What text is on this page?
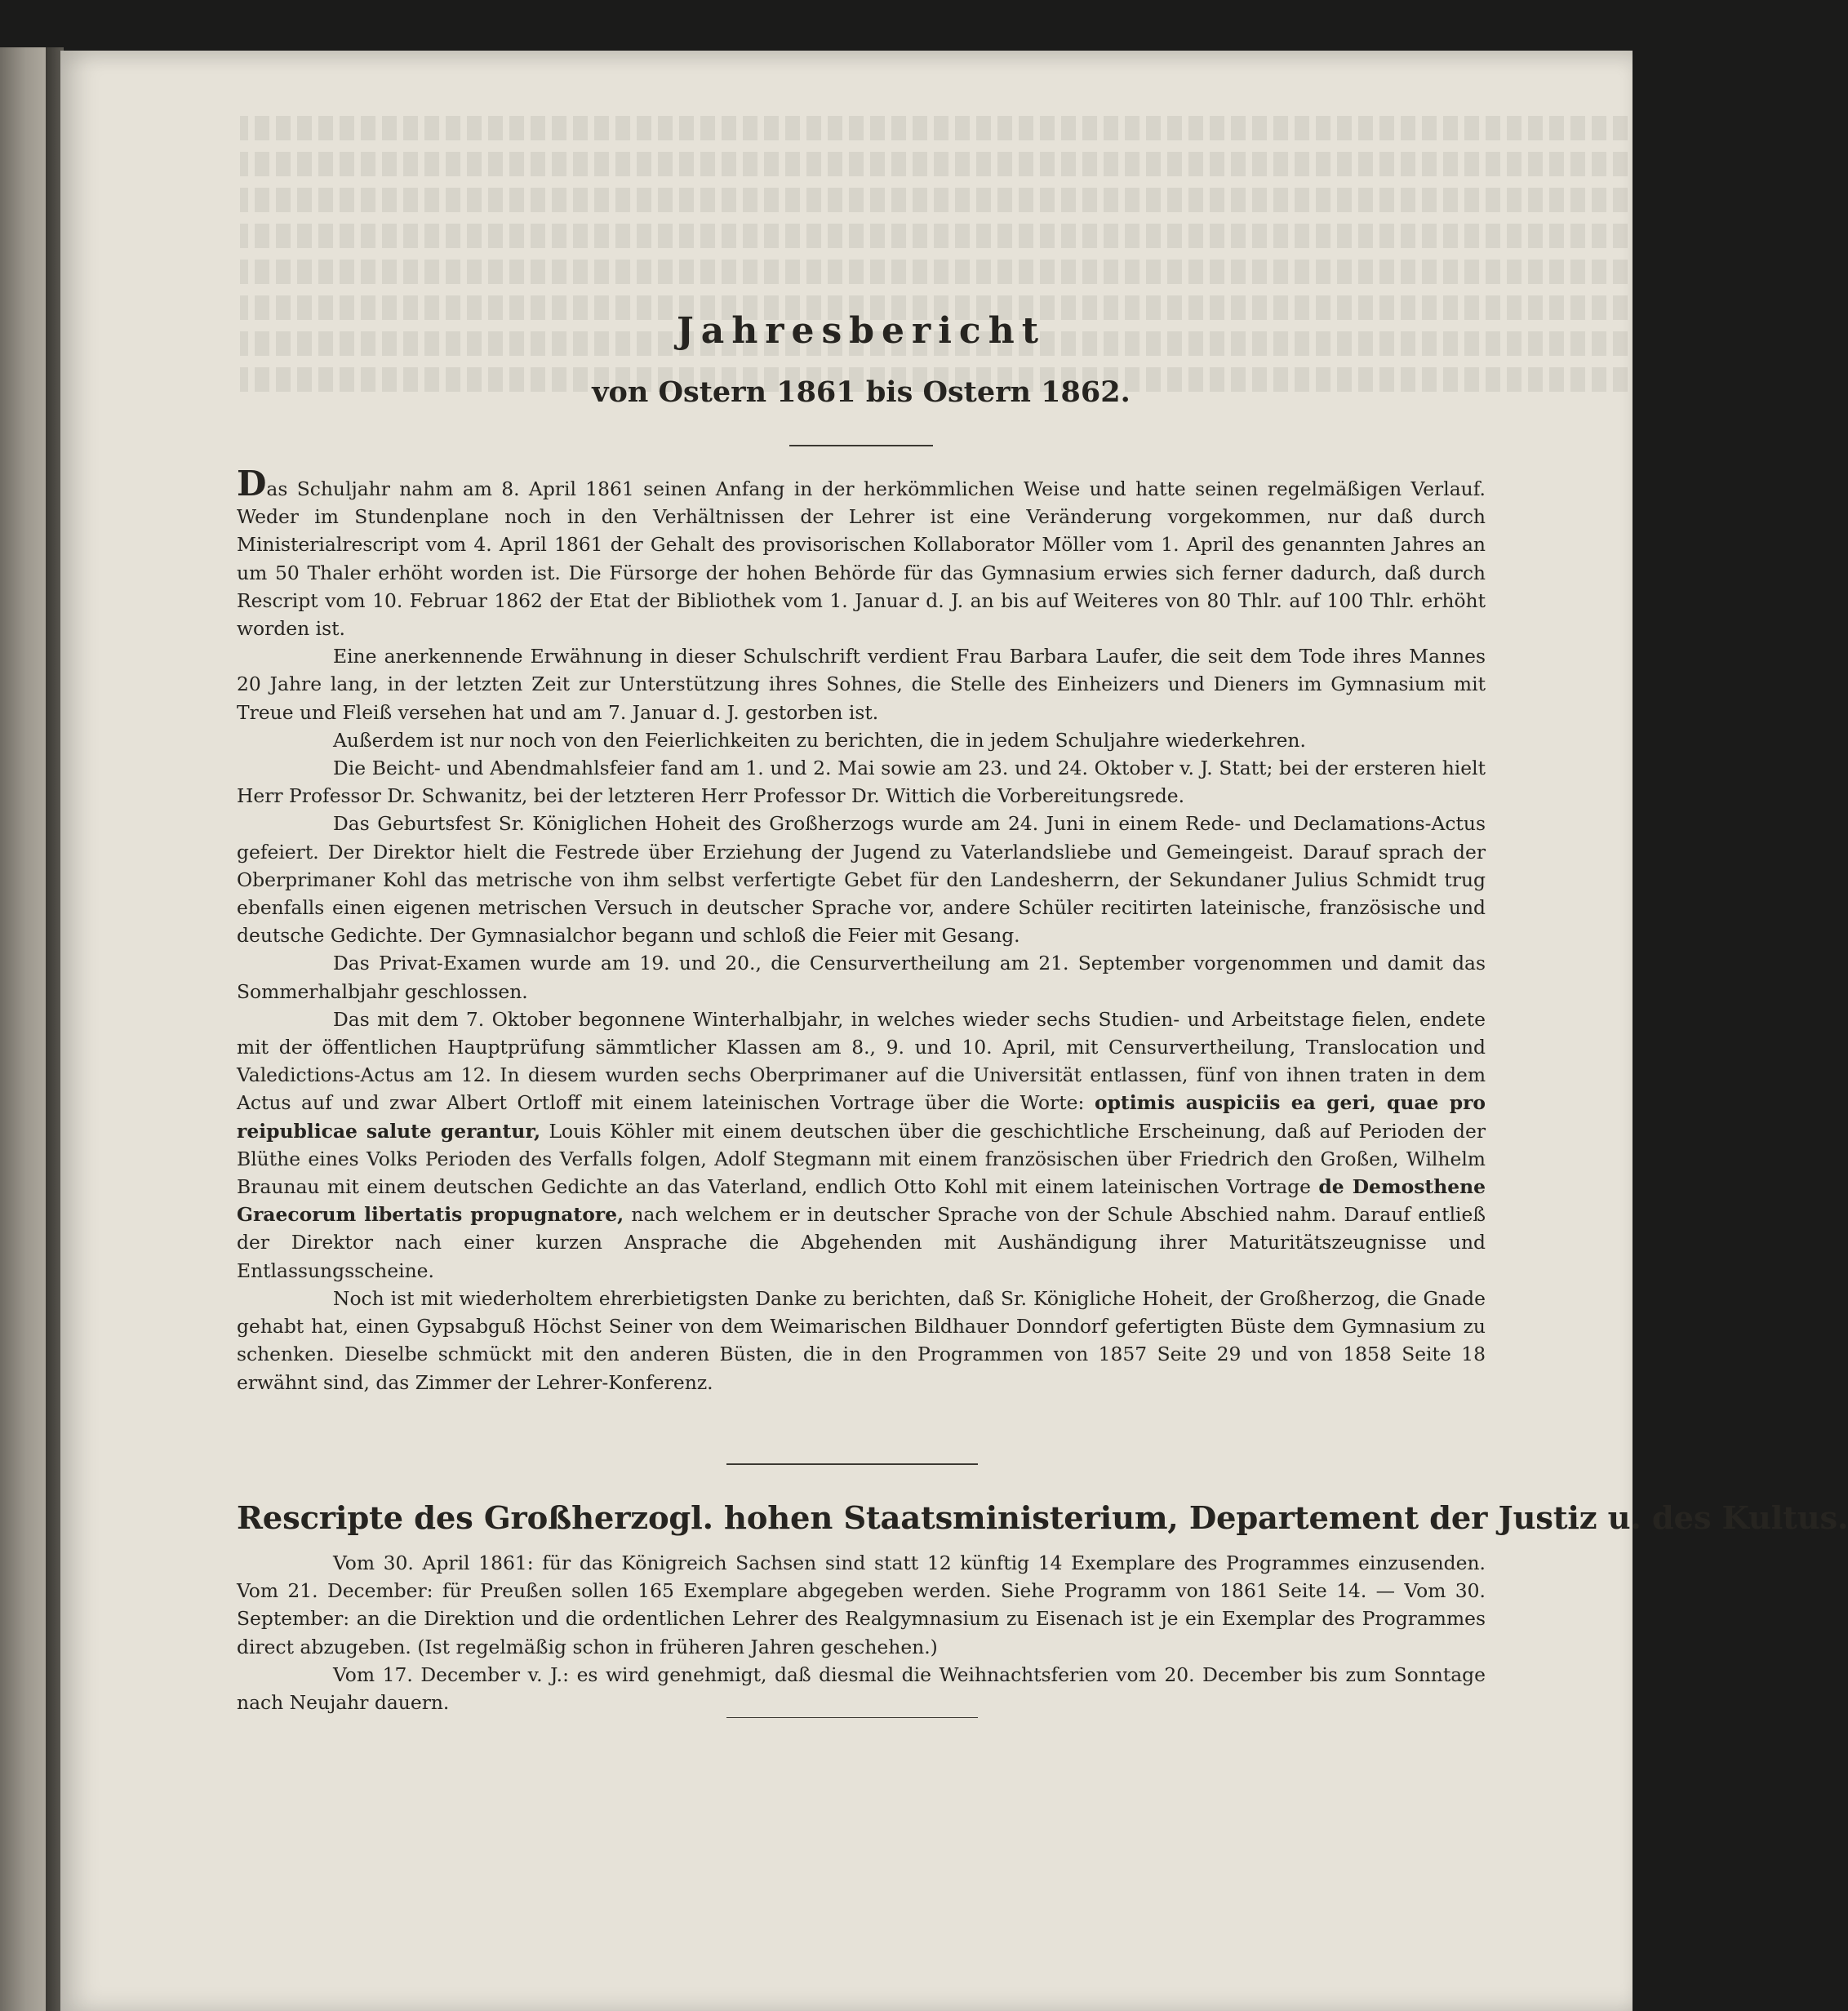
Jahresbericht
von Ostern 1861 bis Ostern 1862.

Das Schuljahr nahm am 8. April 1861 seinen Anfang in der herkömmlichen Weise und hatte seinen regelmäßigen Verlauf. Weder im Stundenplane noch in den Verhältnissen der Lehrer ist eine Veränderung vorgekommen, nur daß durch Ministerialrescript vom 4. April 1861 der Gehalt des provisorischen Kollaborator Möller vom 1. April des genannten Jahres an um 50 Thaler erhöht worden ist. Die Fürsorge der hohen Behörde für das Gymnasium erwies sich ferner dadurch, daß durch Rescript vom 10. Februar 1862 der Etat der Bibliothek vom 1. Januar d. J. an bis auf Weiteres von 80 Thlr. auf 100 Thlr. erhöht worden ist.

Eine anerkennende Erwähnung in dieser Schulschrift verdient Frau Barbara Laufer, die seit dem Tode ihres Mannes 20 Jahre lang, in der letzten Zeit zur Unterstützung ihres Sohnes, die Stelle des Einheizers und Dieners im Gymnasium mit Treue und Fleiß versehen hat und am 7. Januar d. J. gestorben ist.

Außerdem ist nur noch von den Feierlichkeiten zu berichten, die in jedem Schuljahre wiederkehren.

Die Beicht- und Abendmahlsfeier fand am 1. und 2. Mai sowie am 23. und 24. Oktober v. J. Statt; bei der ersteren hielt Herr Professor Dr. Schwanitz, bei der letzteren Herr Professor Dr. Wittich die Vorbereitungsrede.

Das Geburtsfest Sr. Königlichen Hoheit des Großherzogs wurde am 24. Juni in einem Rede- und Declamations-Actus gefeiert. Der Direktor hielt die Festrede über Erziehung der Jugend zu Vaterlandsliebe und Gemeingeist. Darauf sprach der Oberprimaner Kohl das metrische von ihm selbst verfertigte Gebet für den Landesherrn, der Sekundaner Julius Schmidt trug ebenfalls einen eigenen metrischen Versuch in deutscher Sprache vor, andere Schüler recitirten lateinische, französische und deutsche Gedichte. Der Gymnasialchor begann und schloß die Feier mit Gesang.

Das Privat-Examen wurde am 19. und 20., die Censurvertheilung am 21. September vorgenommen und damit das Sommerhalbjahr geschlossen.

Das mit dem 7. Oktober begonnene Winterhalbjahr, in welches wieder sechs Studien- und Arbeitstage fielen, endete mit der öffentlichen Hauptprüfung sämmtlicher Klassen am 8., 9. und 10. April, mit Censurvertheilung, Translocation und Valedictions-Actus am 12. In diesem wurden sechs Oberprimaner auf die Universität entlassen, fünf von ihnen traten in dem Actus auf und zwar Albert Ortloff mit einem lateinischen Vortrage über die Worte: optimis auspiciis ea geri, quae pro reipublicae salute gerantur, Louis Köhler mit einem deutschen über die geschichtliche Erscheinung, daß auf Perioden der Blüthe eines Volks Perioden des Verfalls folgen, Adolf Stegmann mit einem französischen über Friedrich den Großen, Wilhelm Braunau mit einem deutschen Gedichte an das Vaterland, endlich Otto Kohl mit einem lateinischen Vortrage de Demosthene Graecorum libertatis propugnatore, nach welchem er in deutscher Sprache von der Schule Abschied nahm. Darauf entließ der Direktor nach einer kurzen Ansprache die Abgehenden mit Aushändigung ihrer Maturitätszeugnisse und Entlassungsscheine.

Noch ist mit wiederholtem ehrerbietigsten Danke zu berichten, daß Sr. Königliche Hoheit, der Großherzog, die Gnade gehabt hat, einen Gypsabguß Höchst Seiner von dem Weimarischen Bildhauer Donndorf gefertigten Büste dem Gymnasium zu schenken. Dieselbe schmückt mit den anderen Büsten, die in den Programmen von 1857 Seite 29 und von 1858 Seite 18 erwähnt sind, das Zimmer der Lehrer-Konferenz.

Rescripte des Großherzogl. hohen Staatsministerium, Departement der Justiz u. des Kultus.

Vom 30. April 1861: für das Königreich Sachsen sind statt 12 künftig 14 Exemplare des Programmes einzusenden. Vom 21. December: für Preußen sollen 165 Exemplare abgegeben werden. Siehe Programm von 1861 Seite 14. — Vom 30. September: an die Direktion und die ordentlichen Lehrer des Realgymnasium zu Eisenach ist je ein Exemplar des Programmes direct abzugeben. (Ist regelmäßig schon in früheren Jahren geschehen.)

Vom 17. December v. J.: es wird genehmigt, daß diesmal die Weihnachtsferien vom 20. December bis zum Sonntage nach Neujahr dauern.
